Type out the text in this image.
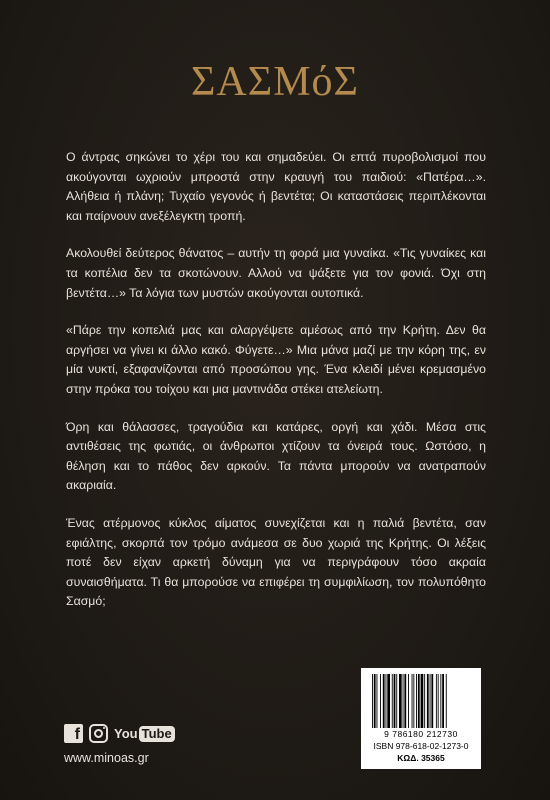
ΣΑΣΜόΣ

Ο άντρας σηκώνει το χέρι του και σημαδεύει. Οι επτά πυροβολισμοί που ακούγονται ωχριούν μπροστά στην κραυγή του παιδιού: «Πατέρα…». Αλήθεια ή πλάνη; Τυχαίο γεγονός ή βεντέτα; Οι καταστάσεις περιπλέκονται και παίρνουν ανεξέλεγκτη τροπή.

Ακολουθεί δεύτερος θάνατος – αυτήν τη φορά μια γυναίκα. «Τις γυναίκες και τα κοπέλια δεν τα σκοτώνουν. Αλλού να ψάξετε για τον φονιά. Όχι στη βεντέτα…» Τα λόγια των μυστών ακούγονται ουτοπικά.

«Πάρε την κοπελιά μας και αλαργέψετε αμέσως από την Κρήτη. Δεν θα αργήσει να γίνει κι άλλο κακό. Φύγετε…» Μια μάνα μαζί με την κόρη της, εν μία νυκτί, εξαφανίζονται από προσώπου γης. Ένα κλειδί μένει κρεμασμένο στην πρόκα του τοίχου και μια μαντινάδα στέκει ατελείωτη.

Όρη και θάλασσες, τραγούδια και κατάρες, οργή και χάδι. Μέσα στις αντιθέσεις της φωτιάς, οι άνθρωποι χτίζουν τα όνειρά τους. Ωστόσο, η θέληση και το πάθος δεν αρκούν. Τα πάντα μπορούν να ανατραπούν ακαριαία.

Ένας ατέρμονος κύκλος αίματος συνεχίζεται και η παλιά βεντέτα, σαν εφιάλτης, σκορπά τον τρόμο ανάμεσα σε δυο χωριά της Κρήτης. Οι λέξεις ποτέ δεν είχαν αρκετή δύναμη για να περιγράφουν τόσο ακραία συναισθήματα. Τι θα μπορούσε να επιφέρει τη συμφιλίωση, τον πολυπόθητο Σασμό;

f	You Tube
www.minoas.gr
9 786180 212730
ISBN 978-618-02-1273-0
ΚΩΔ. 35365
